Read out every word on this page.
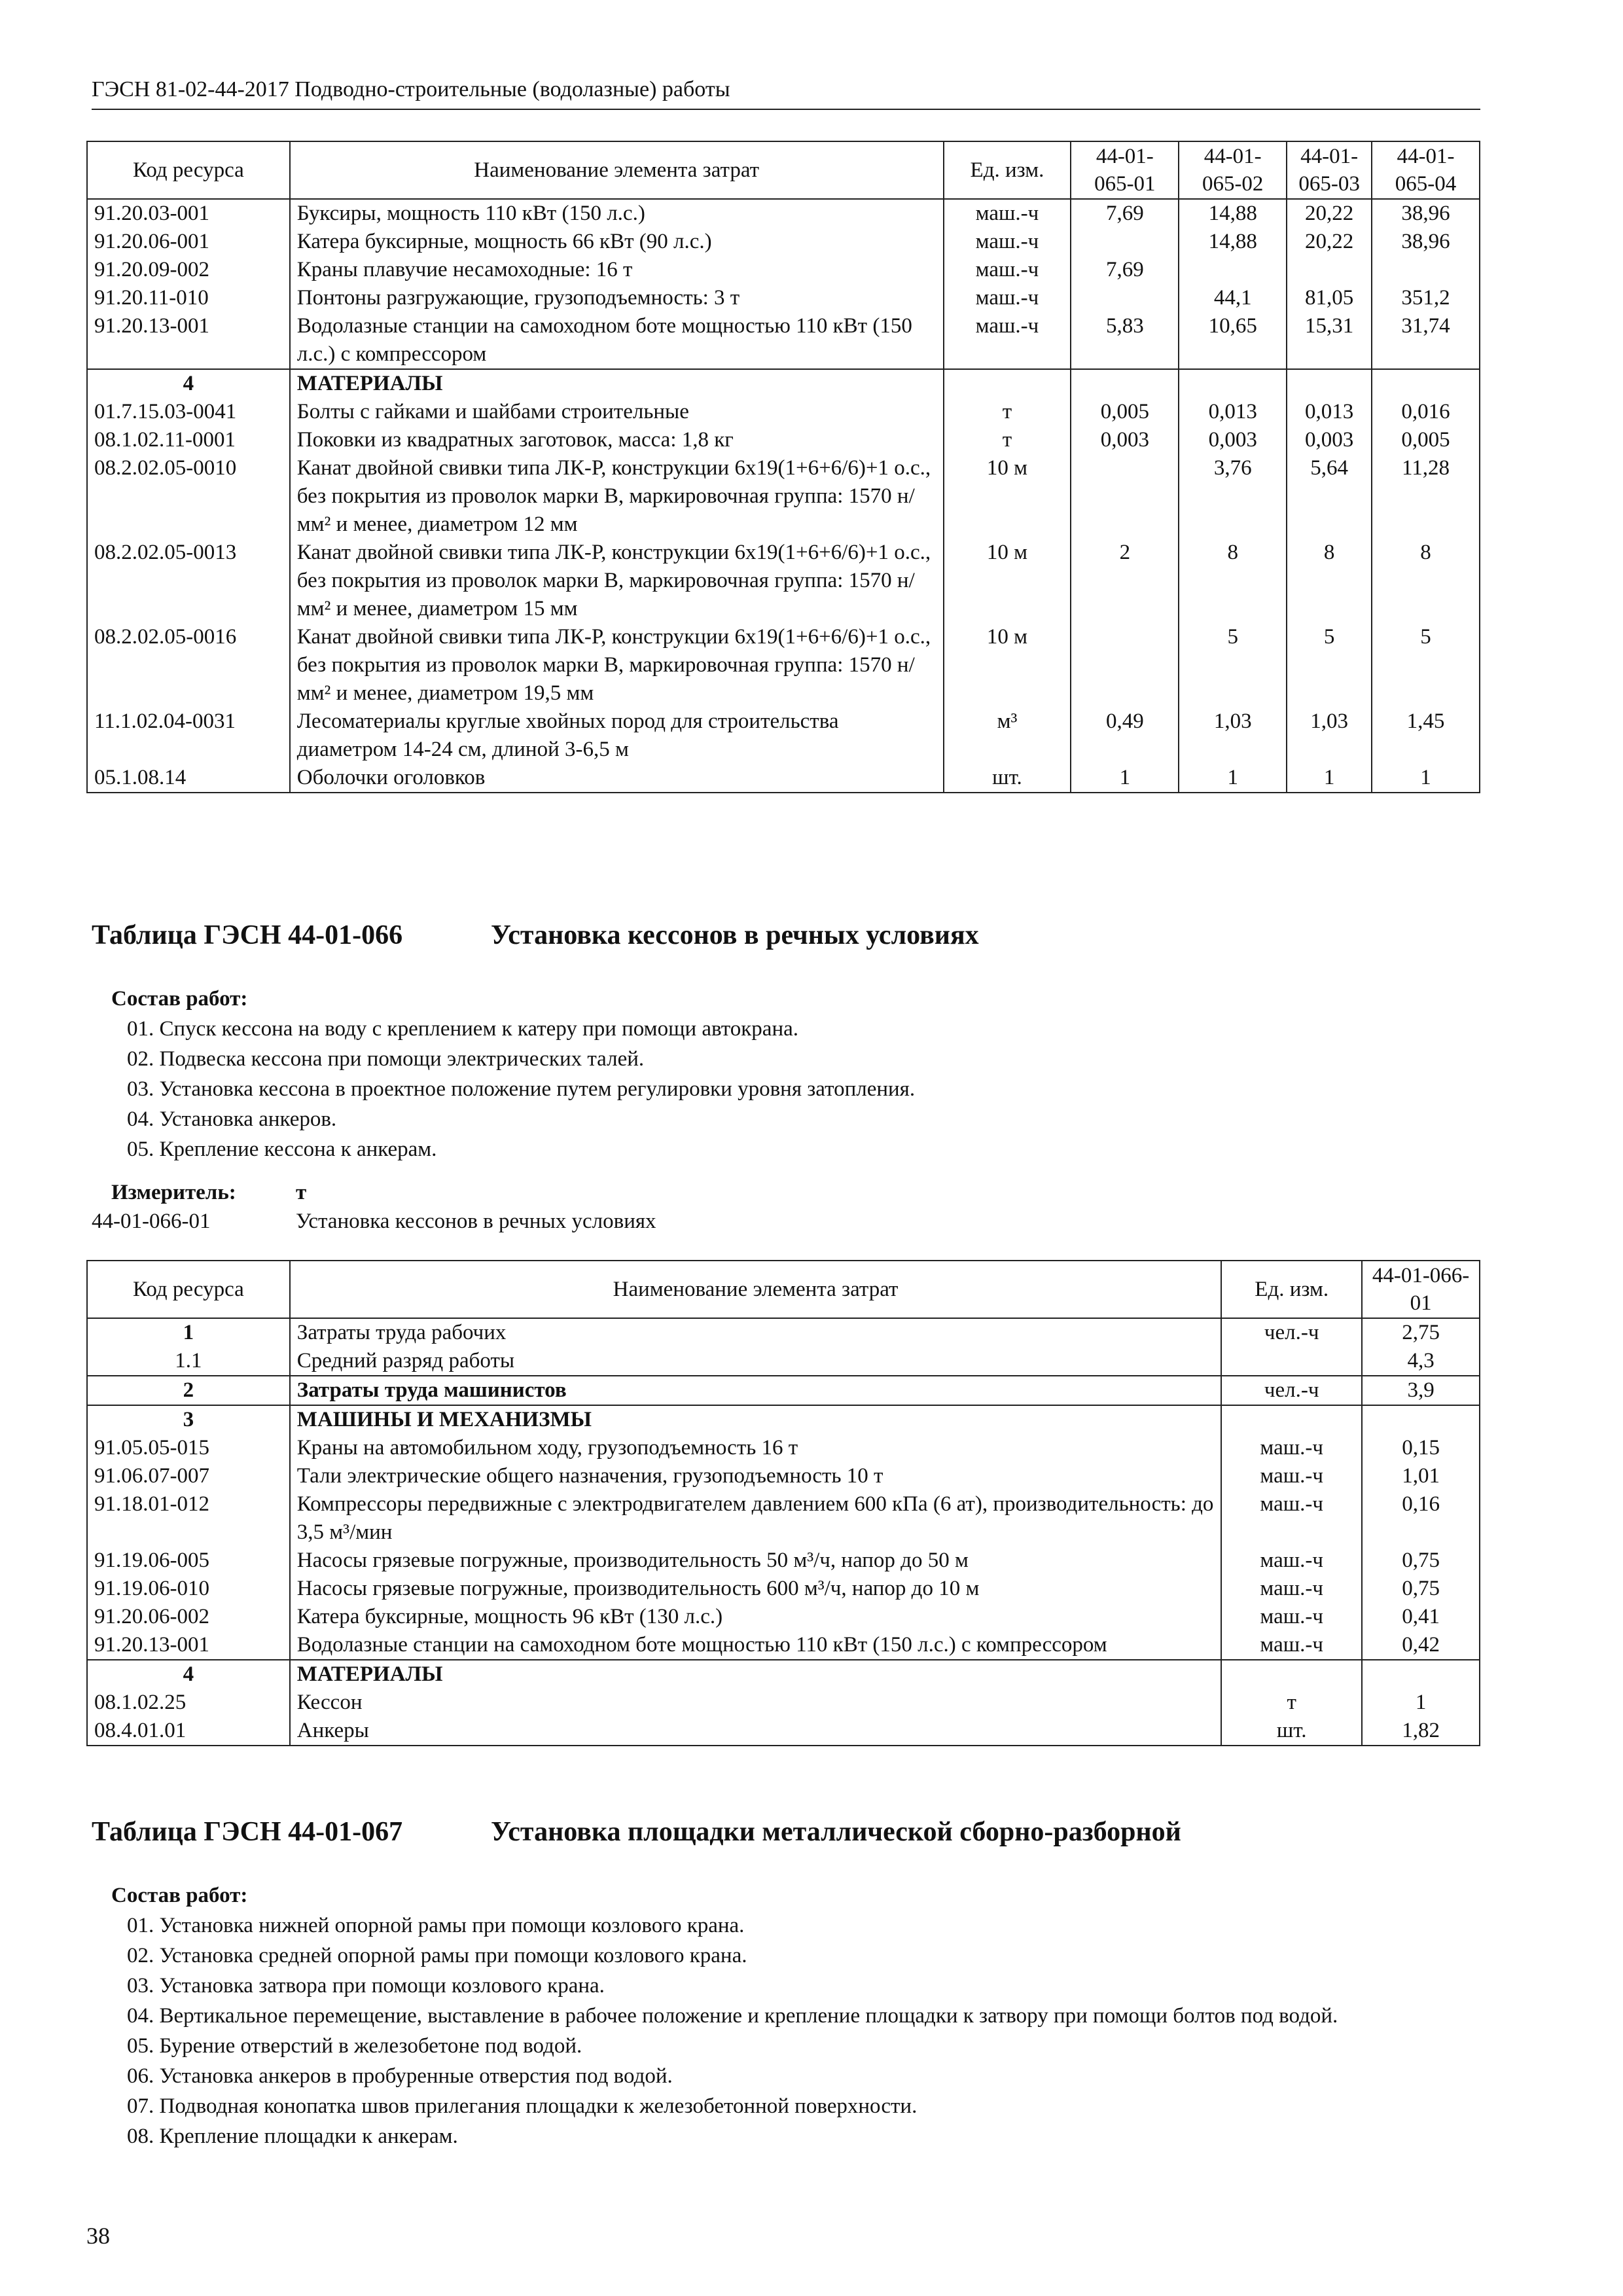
ГЭСН 81-02-44-2017 Подводно-строительные (водолазные) работы
Код ресурса	Наименование элемента затрат	Ед. изм.	44-01-065-01	44-01-065-02	44-01-065-03	44-01-065-04
91.20.03-001	Буксиры, мощность 110 кВт (150 л.с.)	маш.-ч	7,69	14,88	20,22	38,96
91.20.06-001	Катера буксирные, мощность 66 кВт (90 л.с.)	маш.-ч		14,88	20,22	38,96
91.20.09-002	Краны плавучие несамоходные: 16 т	маш.-ч	7,69			
91.20.11-010	Понтоны разгружающие, грузоподъемность: 3 т	маш.-ч		44,1	81,05	351,2
91.20.13-001	Водолазные станции на самоходном боте мощностью 110 кВт (150 л.с.) с компрессором	маш.-ч	5,83	10,65	15,31	31,74
4	МАТЕРИАЛЫ					
01.7.15.03-0041	Болты с гайками и шайбами строительные	т	0,005	0,013	0,013	0,016
08.1.02.11-0001	Поковки из квадратных заготовок, масса: 1,8 кг	т	0,003	0,003	0,003	0,005
08.2.02.05-0010	Канат двойной свивки типа ЛК-Р, конструкции 6х19(1+6+6/6)+1 о.с., без покрытия из проволок марки В, маркировочная группа: 1570 н/мм² и менее, диаметром 12 мм	10 м		3,76	5,64	11,28
08.2.02.05-0013	Канат двойной свивки типа ЛК-Р, конструкции 6х19(1+6+6/6)+1 о.с., без покрытия из проволок марки В, маркировочная группа: 1570 н/мм² и менее, диаметром 15 мм	10 м	2	8	8	8
08.2.02.05-0016	Канат двойной свивки типа ЛК-Р, конструкции 6х19(1+6+6/6)+1 о.с., без покрытия из проволок марки В, маркировочная группа: 1570 н/мм² и менее, диаметром 19,5 мм	10 м		5	5	5
11.1.02.04-0031	Лесоматериалы круглые хвойных пород для строительства диаметром 14-24 см, длиной 3-6,5 м	м³	0,49	1,03	1,03	1,45
05.1.08.14	Оболочки оголовков	шт.	1	1	1	1
Таблица ГЭСН 44-01-066	Установка кессонов в речных условиях
Состав работ:
01. Спуск кессона на воду с креплением к катеру при помощи автокрана.
02. Подвеска кессона при помощи электрических талей.
03. Установка кессона в проектное положение путем регулировки уровня затопления.
04. Установка анкеров.
05. Крепление кессона к анкерам.
Измеритель:	т
44-01-066-01	Установка кессонов в речных условиях
Код ресурса	Наименование элемента затрат	Ед. изм.	44-01-066-01
1	Затраты труда рабочих	чел.-ч	2,75
1.1	Средний разряд работы		4,3
2	Затраты труда машинистов	чел.-ч	3,9
3	МАШИНЫ И МЕХАНИЗМЫ		
91.05.05-015	Краны на автомобильном ходу, грузоподъемность 16 т	маш.-ч	0,15
91.06.07-007	Тали электрические общего назначения, грузоподъемность 10 т	маш.-ч	1,01
91.18.01-012	Компрессоры передвижные с электродвигателем давлением 600 кПа (6 ат), производительность: до 3,5 м³/мин	маш.-ч	0,16
91.19.06-005	Насосы грязевые погружные, производительность 50 м³/ч, напор до 50 м	маш.-ч	0,75
91.19.06-010	Насосы грязевые погружные, производительность 600 м³/ч, напор до 10 м	маш.-ч	0,75
91.20.06-002	Катера буксирные, мощность 96 кВт (130 л.с.)	маш.-ч	0,41
91.20.13-001	Водолазные станции на самоходном боте мощностью 110 кВт (150 л.с.) с компрессором	маш.-ч	0,42
4	МАТЕРИАЛЫ		
08.1.02.25	Кессон	т	1
08.4.01.01	Анкеры	шт.	1,82
Таблица ГЭСН 44-01-067	Установка площадки металлической сборно-разборной
Состав работ:
01. Установка нижней опорной рамы при помощи козлового крана.
02. Установка средней опорной рамы при помощи козлового крана.
03. Установка затвора при помощи козлового крана.
04. Вертикальное перемещение, выставление в рабочее положение и крепление площадки к затвору при помощи болтов под водой.
05. Бурение отверстий в железобетоне под водой.
06. Установка анкеров в пробуренные отверстия под водой.
07. Подводная конопатка швов прилегания площадки к железобетонной поверхности.
08. Крепление площадки к анкерам.
38
